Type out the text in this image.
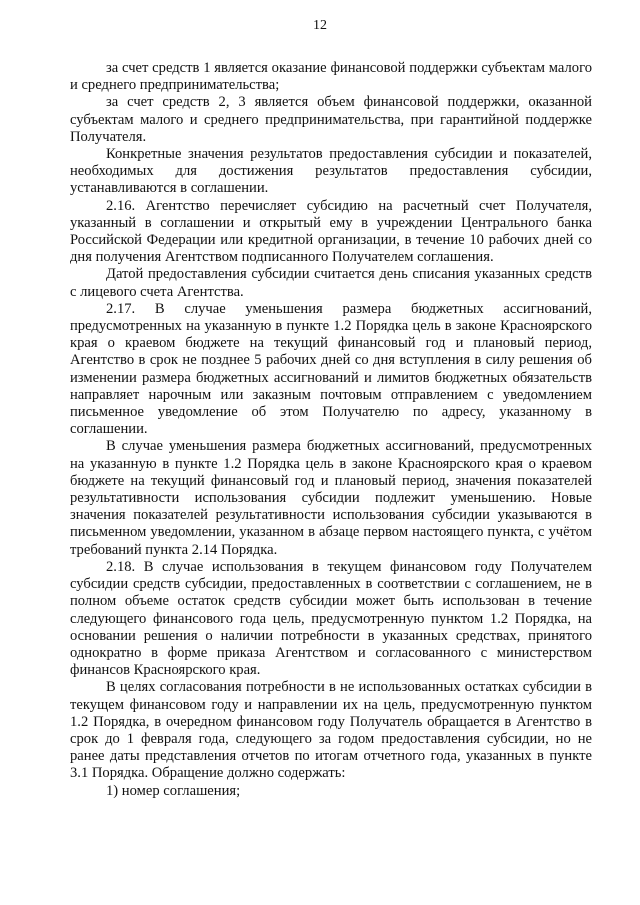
12

за счет средств 1 является оказание финансовой поддержки субъектам малого и среднего предпринимательства;

за счет средств 2, 3 является объем финансовой поддержки, оказанной субъектам малого и среднего предпринимательства, при гарантийной поддержке Получателя.

Конкретные значения результатов предоставления субсидии и показателей, необходимых для достижения результатов предоставления субсидии, устанавливаются в соглашении.

2.16. Агентство перечисляет субсидию на расчетный счет Получателя, указанный в соглашении и открытый ему в учреждении Центрального банка Российской Федерации или кредитной организации, в течение 10 рабочих дней со дня получения Агентством подписанного Получателем соглашения.

Датой предоставления субсидии считается день списания указанных средств с лицевого счета Агентства.

2.17. В случае уменьшения размера бюджетных ассигнований, предусмотренных на указанную в пункте 1.2 Порядка цель в законе Красноярского края о краевом бюджете на текущий финансовый год и плановый период, Агентство в срок не позднее 5 рабочих дней со дня вступления в силу решения об изменении размера бюджетных ассигнований и лимитов бюджетных обязательств направляет нарочным или заказным почтовым отправлением с уведомлением письменное уведомление об этом Получателю по адресу, указанному в соглашении.

В случае уменьшения размера бюджетных ассигнований, предусмотренных на указанную в пункте 1.2 Порядка цель в законе Красноярского края о краевом бюджете на текущий финансовый год и плановый период, значения показателей результативности использования субсидии подлежит уменьшению. Новые значения показателей результативности использования субсидии указываются в письменном уведомлении, указанном в абзаце первом настоящего пункта, с учётом требований пункта 2.14 Порядка.

2.18. В случае использования в текущем финансовом году Получателем субсидии средств субсидии, предоставленных в соответствии с соглашением, не в полном объеме остаток средств субсидии может быть использован в течение следующего финансового года цель, предусмотренную пунктом 1.2 Порядка, на основании решения о наличии потребности в указанных средствах, принятого однократно в форме приказа Агентством и согласованного с министерством финансов Красноярского края.

В целях согласования потребности в не использованных остатках субсидии в текущем финансовом году и направлении их на цель, предусмотренную пунктом 1.2 Порядка, в очередном финансовом году Получатель обращается в Агентство в срок до 1 февраля года, следующего за годом предоставления субсидии, но не ранее даты представления отчетов по итогам отчетного года, указанных в пункте 3.1 Порядка. Обращение должно содержать:

1) номер соглашения;
